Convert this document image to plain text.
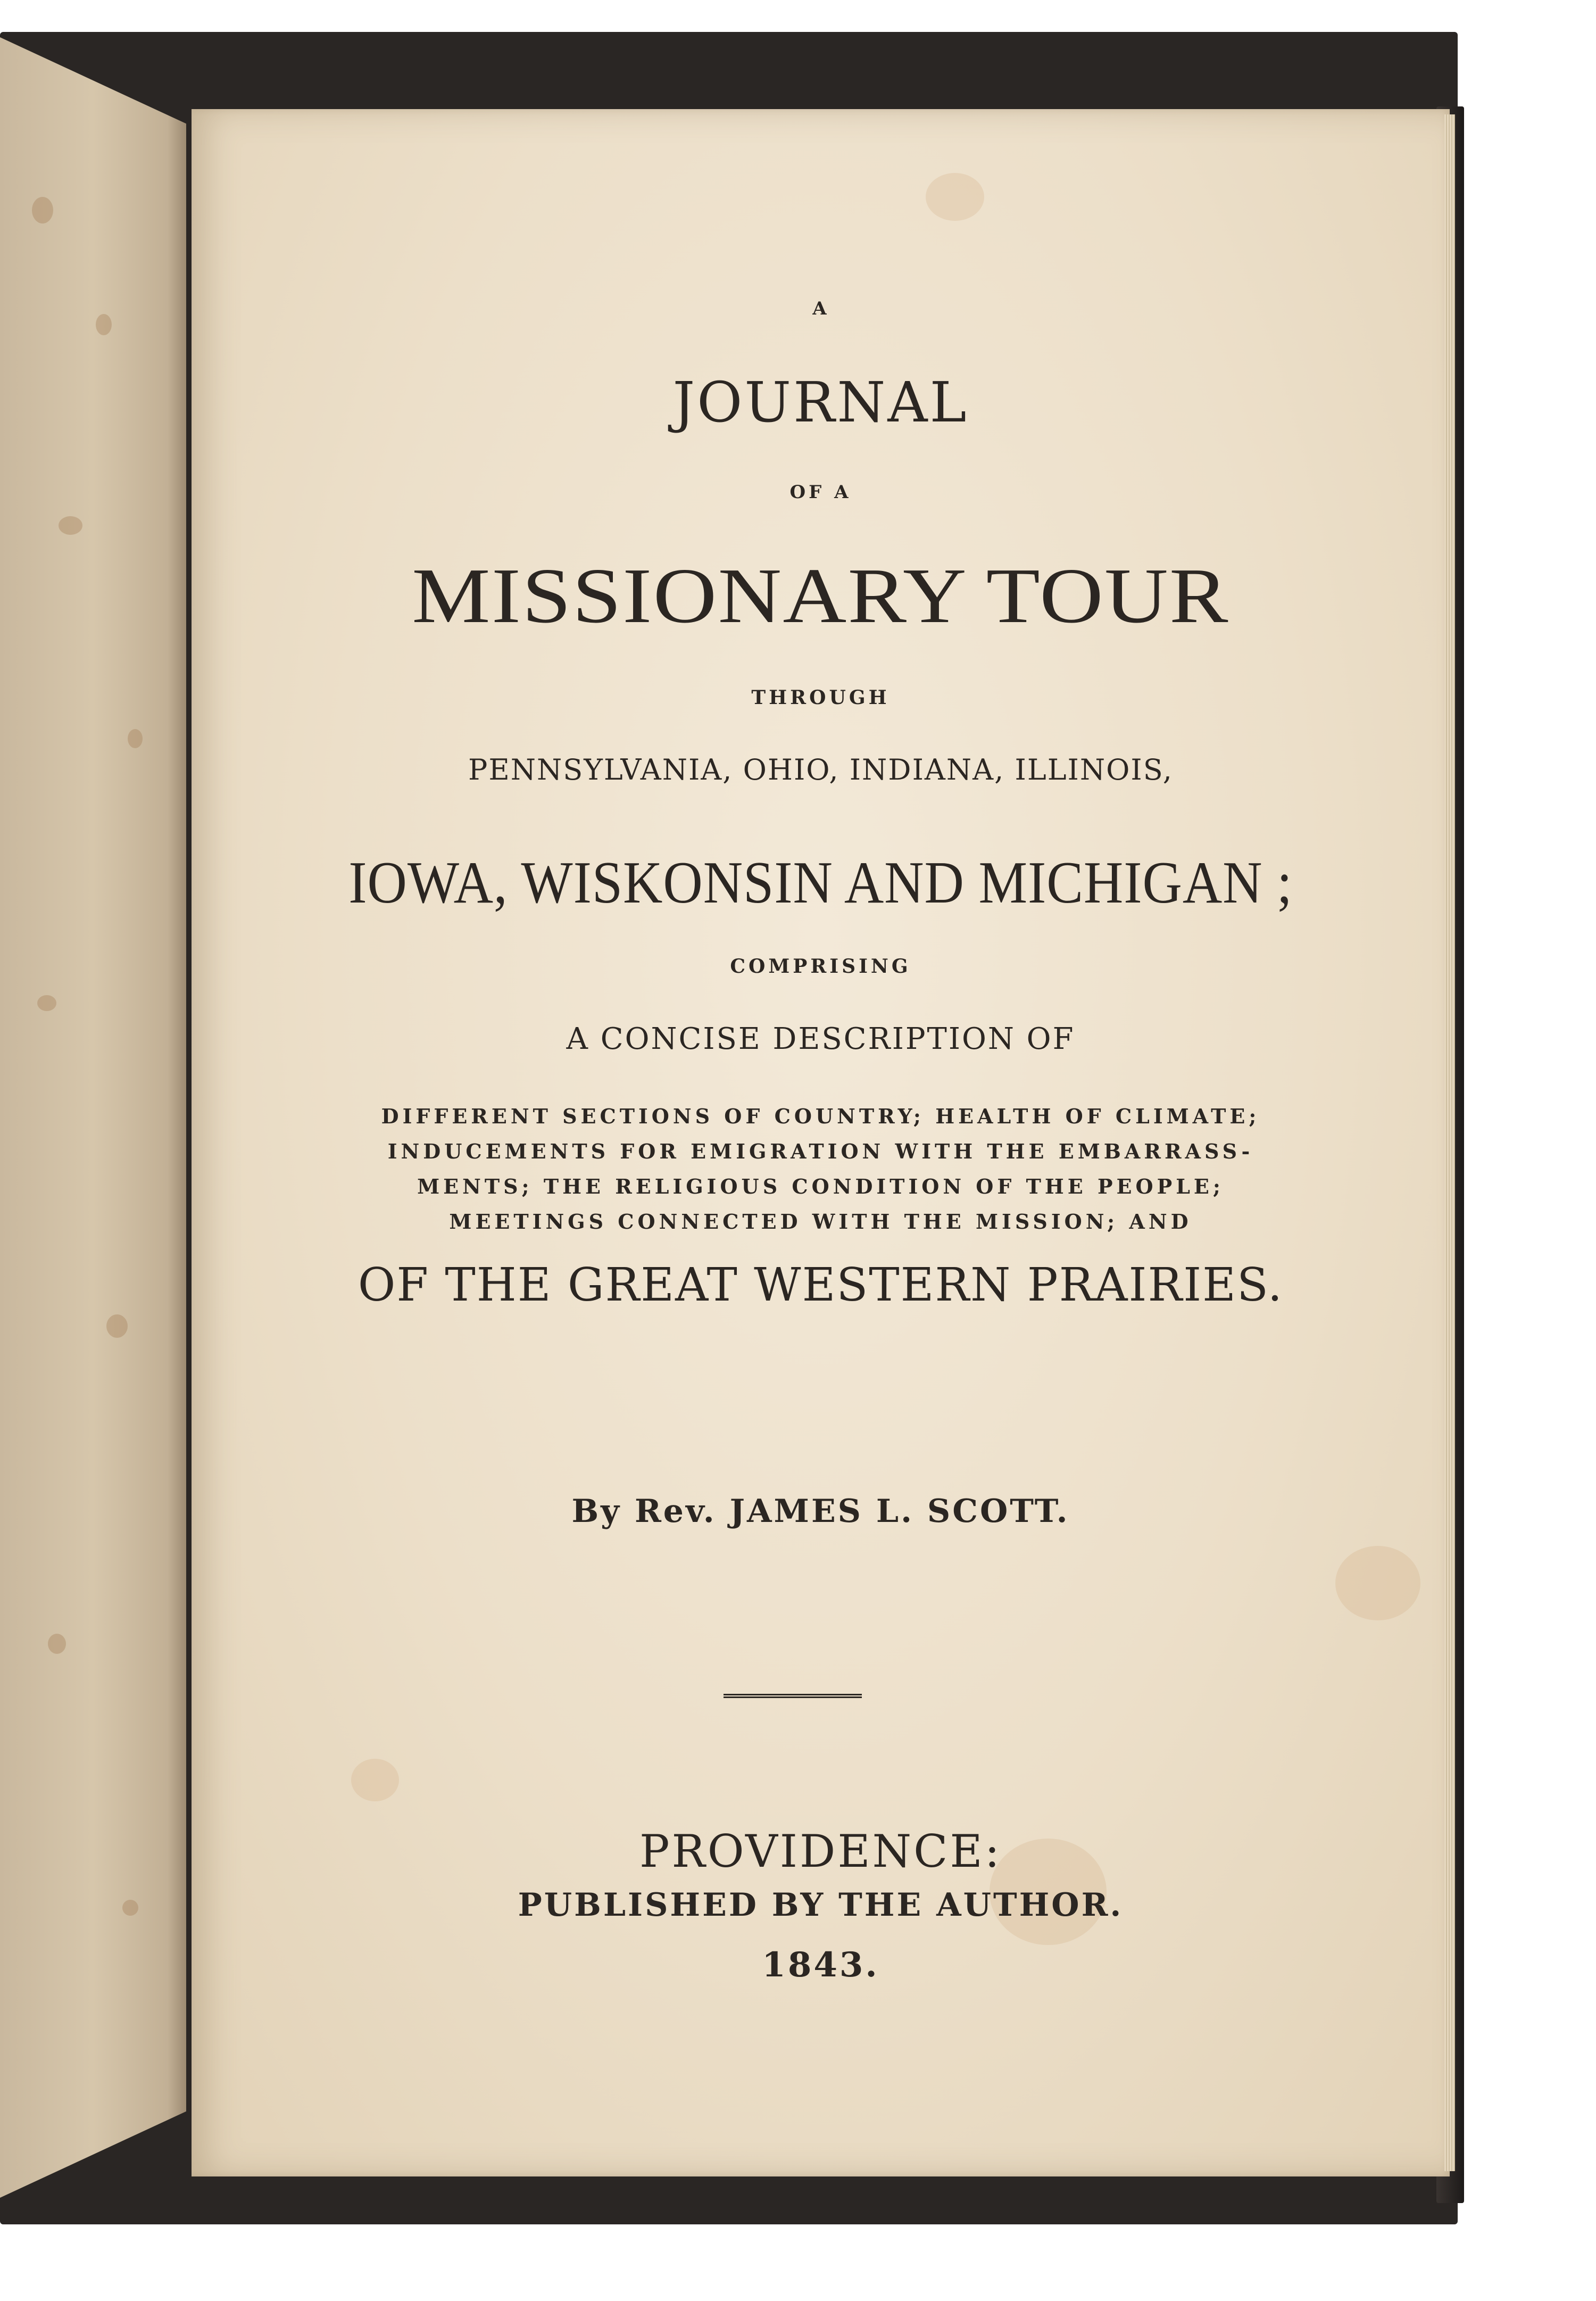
A
JOURNAL
OF A
MISSIONARY TOUR
THROUGH
PENNSYLVANIA, OHIO, INDIANA, ILLINOIS,
IOWA, WISKONSIN AND MICHIGAN ;
COMPRISING
A CONCISE DESCRIPTION OF
DIFFERENT SECTIONS OF COUNTRY; HEALTH OF CLIMATE;
INDUCEMENTS FOR EMIGRATION WITH THE EMBARRASS-
MENTS; THE RELIGIOUS CONDITION OF THE PEOPLE;
MEETINGS CONNECTED WITH THE MISSION; AND
OF THE GREAT WESTERN PRAIRIES.
By Rev. JAMES L. SCOTT.
PROVIDENCE:
PUBLISHED BY THE AUTHOR.
1843.
